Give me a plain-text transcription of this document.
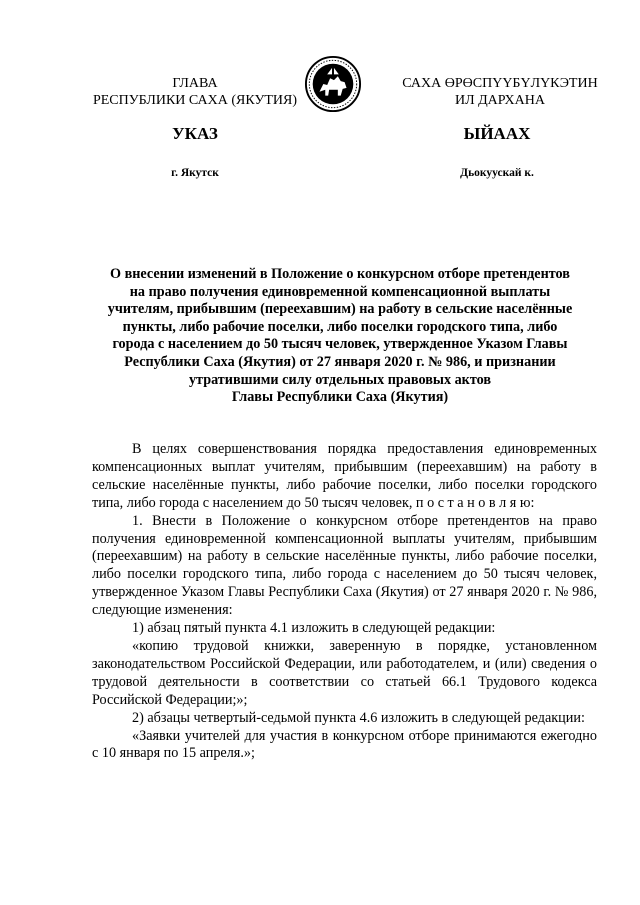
ГЛАВА
РЕСПУБЛИКИ САХА (ЯКУТИЯ)
САХА ӨРӨСПҮҮБҮЛҮКЭТИН
ИЛ ДАРХАНА
УКАЗ	ЫЙААХ
г. Якутск	Дьокуускай к.
О внесении изменений в Положение о конкурсном отборе претендентов
на право получения единовременной компенсационной выплаты
учителям, прибывшим (переехавшим) на работу в сельские населённые
пункты, либо рабочие поселки, либо поселки городского типа, либо
города с населением до 50 тысяч человек, утвержденное Указом Главы
Республики Саха (Якутия) от 27 января 2020 г. № 986, и признании
утратившими силу отдельных правовых актов
Главы Республики Саха (Якутия)

В целях совершенствования порядка предоставления единовременных компенсационных выплат учителям, прибывшим (переехавшим) на работу в сельские населённые пункты, либо рабочие поселки, либо поселки городского типа, либо города с населением до 50 тысяч человек, п о с т а н о в л я ю:

1. Внести в Положение о конкурсном отборе претендентов на право получения единовременной компенсационной выплаты учителям, прибывшим (переехавшим) на работу в сельские населённые пункты, либо рабочие поселки, либо поселки городского типа, либо города с населением до 50 тысяч человек, утвержденное Указом Главы Республики Саха (Якутия) от 27 января 2020 г. № 986, следующие изменения:

1) абзац пятый пункта 4.1 изложить в следующей редакции:

«копию трудовой книжки, заверенную в порядке, установленном законодательством Российской Федерации, или работодателем, и (или) сведения о трудовой деятельности в соответствии со статьей 66.1 Трудового кодекса Российской Федерации;»;

2) абзацы четвертый-седьмой пункта 4.6 изложить в следующей редакции:

«Заявки учителей для участия в конкурсном отборе принимаются ежегодно с 10 января по 15 апреля.»;
